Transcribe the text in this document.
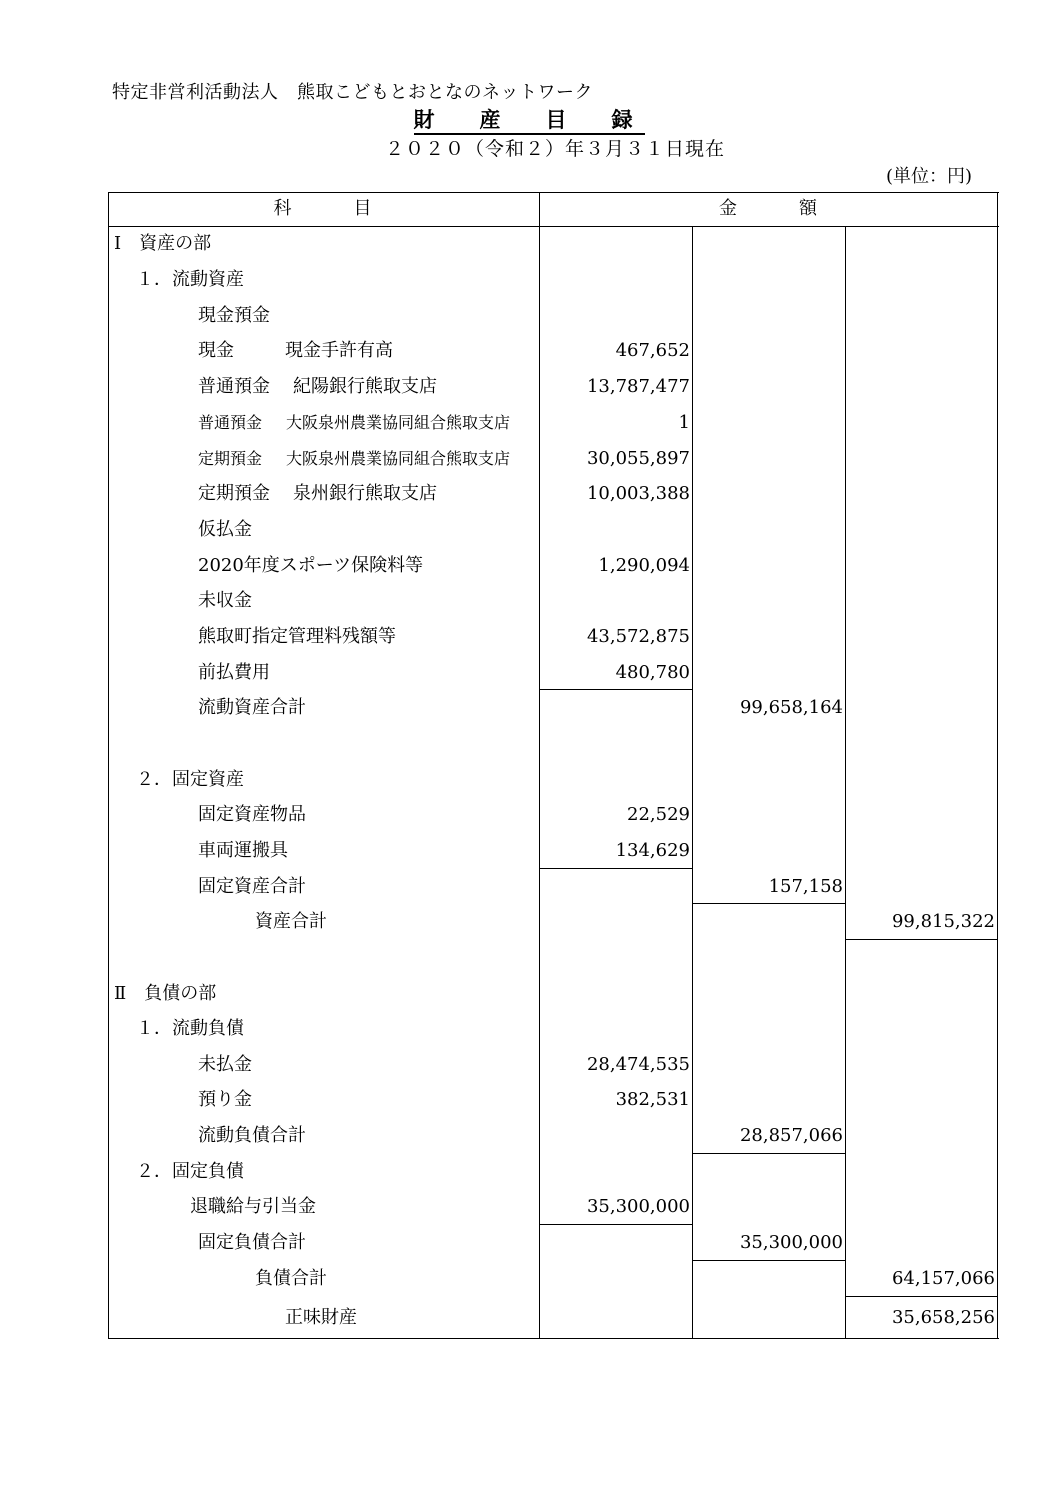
特定非営利活動法人　熊取こどもとおとなのネットワーク
財　産　目　録
２０２０（令和２）年３月３１日現在
(単位：円)
科　　　目	金　　　額
Ⅰ　資産の部
１．流動資産
現金預金
現金	現金手許有高	467,652
普通預金 紀陽銀行熊取支店	13,787,477
普通預金 大阪泉州農業協同組合熊取支店	1
定期預金 大阪泉州農業協同組合熊取支店	30,055,897
定期預金 泉州銀行熊取支店	10,003,388
仮払金
2020年度スポーツ保険料等	1,290,094
未収金
熊取町指定管理料残額等	43,572,875
前払費用	480,780
流動資産合計	99,658,164
２．固定資産
固定資産物品	22,529
車両運搬具	134,629
固定資産合計	157,158
資産合計	99,815,322
Ⅱ　負債の部
１．流動負債
未払金	28,474,535
預り金	382,531
流動負債合計	28,857,066
２．固定負債
退職給与引当金	35,300,000
固定負債合計	35,300,000
負債合計	64,157,066
正味財産	35,658,256
